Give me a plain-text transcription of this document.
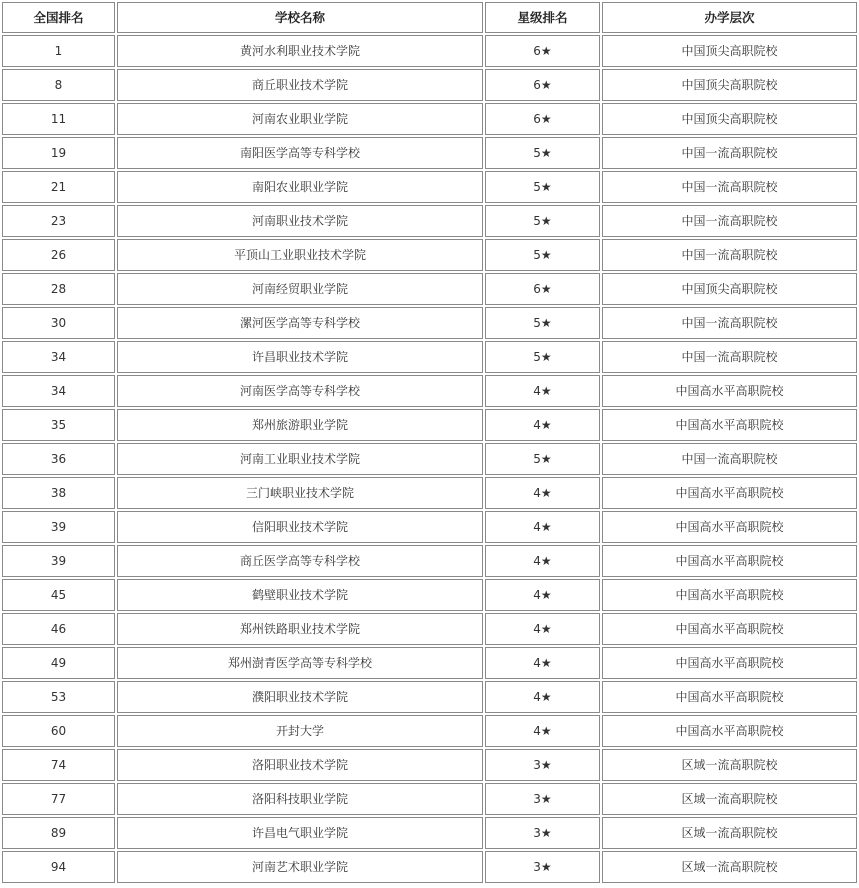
全国排名	学校名称	星级排名	办学层次
1	黄河水利职业技术学院	6★	中国顶尖高职院校
8	商丘职业技术学院	6★	中国顶尖高职院校
11	河南农业职业学院	6★	中国顶尖高职院校
19	南阳医学高等专科学校	5★	中国一流高职院校
21	南阳农业职业学院	5★	中国一流高职院校
23	河南职业技术学院	5★	中国一流高职院校
26	平顶山工业职业技术学院	5★	中国一流高职院校
28	河南经贸职业学院	6★	中国顶尖高职院校
30	漯河医学高等专科学校	5★	中国一流高职院校
34	许昌职业技术学院	5★	中国一流高职院校
34	河南医学高等专科学校	4★	中国高水平高职院校
35	郑州旅游职业学院	4★	中国高水平高职院校
36	河南工业职业技术学院	5★	中国一流高职院校
38	三门峡职业技术学院	4★	中国高水平高职院校
39	信阳职业技术学院	4★	中国高水平高职院校
39	商丘医学高等专科学校	4★	中国高水平高职院校
45	鹤壁职业技术学院	4★	中国高水平高职院校
46	郑州铁路职业技术学院	4★	中国高水平高职院校
49	郑州澍青医学高等专科学校	4★	中国高水平高职院校
53	濮阳职业技术学院	4★	中国高水平高职院校
60	开封大学	4★	中国高水平高职院校
74	洛阳职业技术学院	3★	区域一流高职院校
77	洛阳科技职业学院	3★	区域一流高职院校
89	许昌电气职业学院	3★	区域一流高职院校
94	河南艺术职业学院	3★	区域一流高职院校
